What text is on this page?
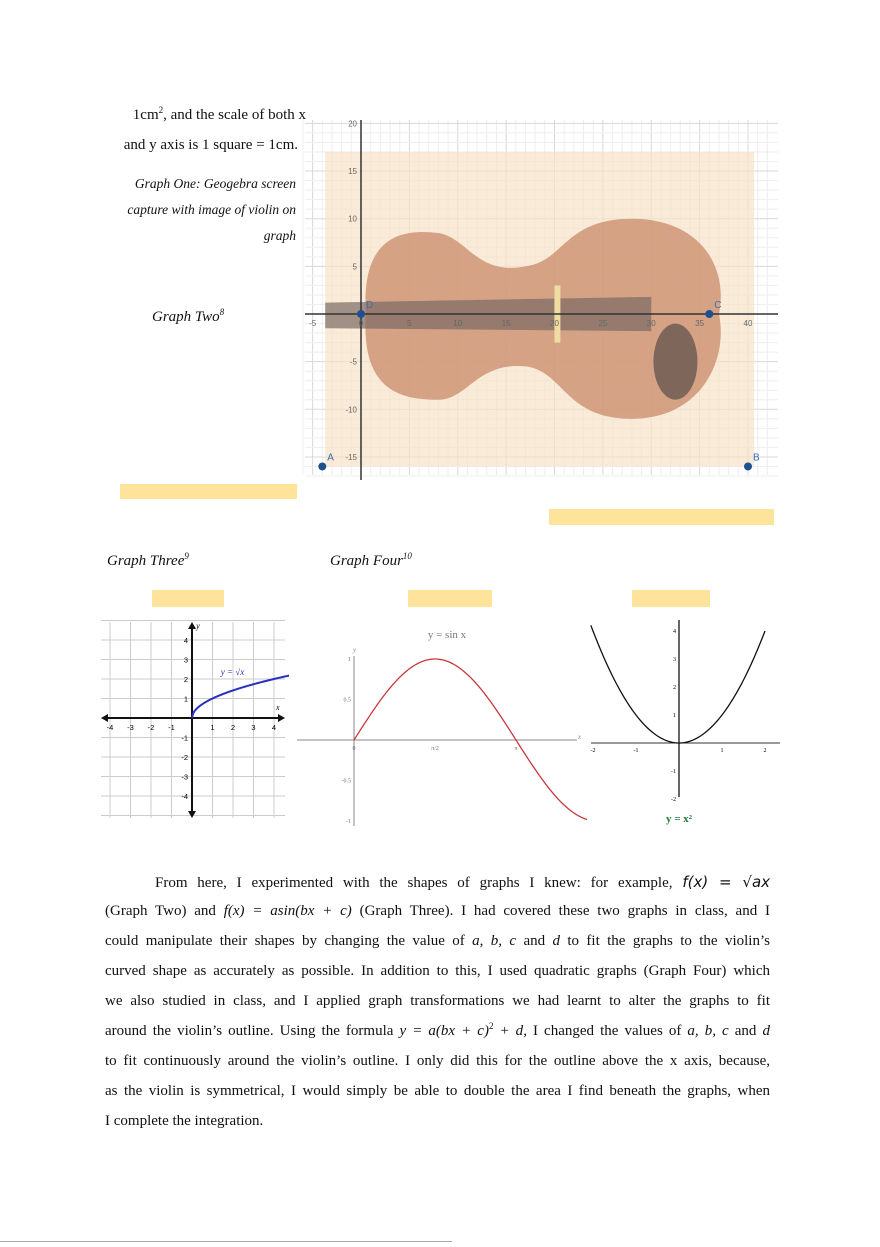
$1cm^2$, and the scale of both x
and y axis is 1 square = 1cm.
Graph One: Geogebra screen
capture with image of violin on
graph
Graph Two$^8$
-5	0	5	10	15	20	25	30	35	40
20
15
10
5
-5
-10
-15
A	B
C
D
Graph Three$^9$	Graph Four$^{10}$
y = √x
x
y
-4 -3 -2 -1	1 2 3 4
4
3
2
1
-1
-2
-3
-4
y = sin x
y
x
0	π/2	π
1
0.5
-0.5
-1
-2	-1	1	2
4
3
2
1
-1
-2
y = x²
From here, I experimented with the shapes of graphs I knew: for example, f(x) = √ax
(Graph Two) and f(x) = asin(bx + c) (Graph Three). I had covered these two graphs in class, and I
could manipulate their shapes by changing the value of a, b, c and d to fit the graphs to the violin’s
curved shape as accurately as possible. In addition to this, I used quadratic graphs (Graph Four) which
we also studied in class, and I applied graph transformations we had learnt to alter the graphs to fit
around the violin’s outline. Using the formula y = a(bx + c)$^2$ + d, I changed the values of a, b, c and d
to fit continuously around the violin’s outline. I only did this for the outline above the x axis, because,
as the violin is symmetrical, I would simply be able to double the area I find beneath the graphs, when
I complete the integration.
